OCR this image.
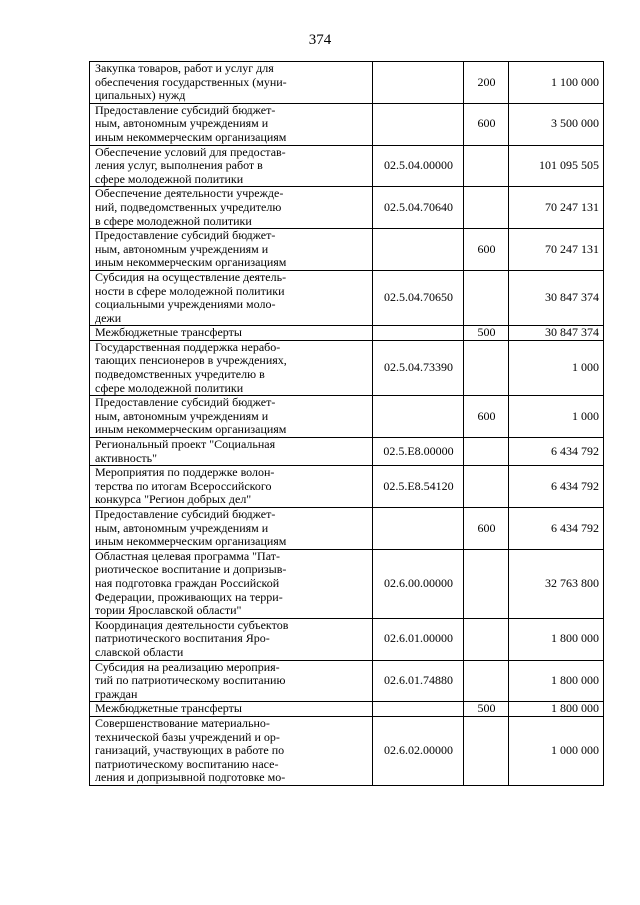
374
Закупка товаров, работ и услуг для
обеспечения государственных (муни-
ципальных) нужд		200	1 100 000

Предоставление субсидий бюджет-
ным, автономным учреждениям и
иным некоммерческим организациям		600	3 500 000

Обеспечение условий для предостав-
ления услуг, выполнения работ в
сфере молодежной политики	02.5.04.00000		101 095 505

Обеспечение деятельности учрежде-
ний, подведомственных учредителю
в сфере молодежной политики	02.5.04.70640		70 247 131

Предоставление субсидий бюджет-
ным, автономным учреждениям и
иным некоммерческим организациям		600	70 247 131

Субсидия на осуществление деятель-
ности в сфере молодежной политики
социальными учреждениями моло-
дежи	02.5.04.70650		30 847 374

Межбюджетные трансферты		500	30 847 374

Государственная поддержка нерабо-
тающих пенсионеров в учреждениях,
подведомственных учредителю в
сфере молодежной политики	02.5.04.73390		1 000

Предоставление субсидий бюджет-
ным, автономным учреждениям и
иным некоммерческим организациям		600	1 000

Региональный проект "Социальная
активность"	02.5.Е8.00000		6 434 792

Мероприятия по поддержке волон-
терства по итогам Всероссийского
конкурса "Регион добрых дел"	02.5.Е8.54120		6 434 792

Предоставление субсидий бюджет-
ным, автономным учреждениям и
иным некоммерческим организациям		600	6 434 792

Областная целевая программа "Пат-
риотическое воспитание и допризыв-
ная подготовка граждан Российской
Федерации, проживающих на терри-
тории Ярославской области"	02.6.00.00000		32 763 800

Координация деятельности субъектов
патриотического воспитания Яро-
славской области	02.6.01.00000		1 800 000

Субсидия на реализацию мероприя-
тий по патриотическому воспитанию
граждан	02.6.01.74880		1 800 000

Межбюджетные трансферты		500	1 800 000

Совершенствование материально-
технической базы учреждений и ор-
ганизаций, участвующих в работе по
патриотическому воспитанию насе-
ления и допризывной подготовке мо-	02.6.02.00000		1 000 000
